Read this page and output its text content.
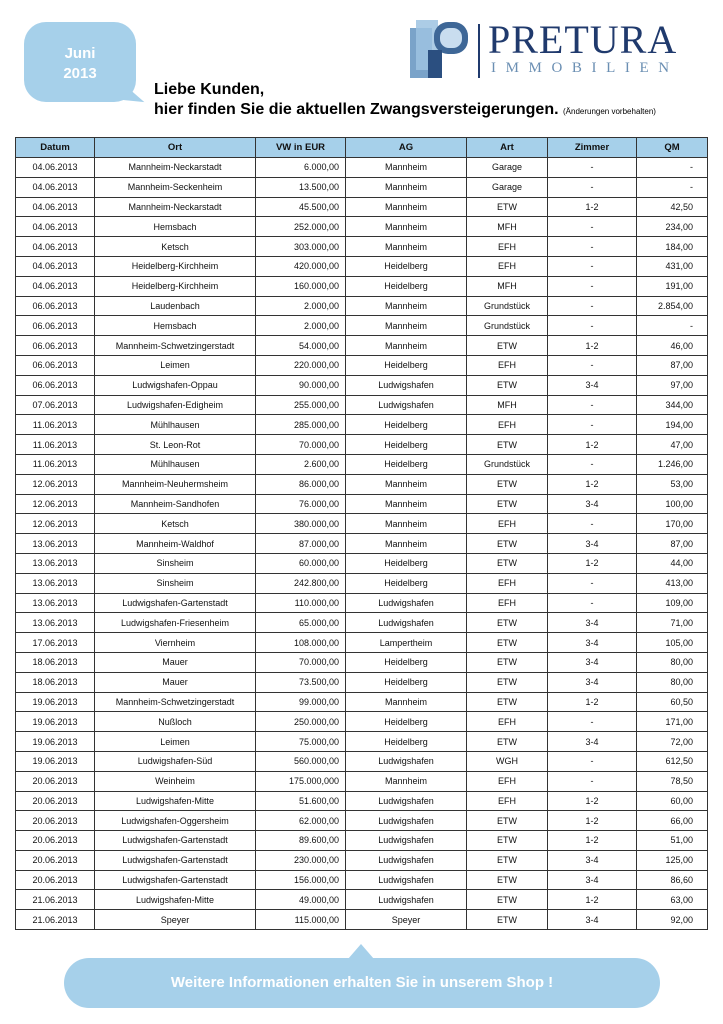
Juni
2013
PRETURA
IMMOBILIEN
Liebe Kunden,
hier finden Sie die aktuellen Zwangsversteigerungen. (Änderungen vorbehalten)
Datum	Ort	VW in EUR	AG	Art	Zimmer	QM
04.06.2013	Mannheim-Neckarstadt	6.000,00	Mannheim	Garage	-	-
04.06.2013	Mannheim-Seckenheim	13.500,00	Mannheim	Garage	-	-
04.06.2013	Mannheim-Neckarstadt	45.500,00	Mannheim	ETW	1-2	42,50
04.06.2013	Hemsbach	252.000,00	Mannheim	MFH	-	234,00
04.06.2013	Ketsch	303.000,00	Mannheim	EFH	-	184,00
04.06.2013	Heidelberg-Kirchheim	420.000,00	Heidelberg	EFH	-	431,00
04.06.2013	Heidelberg-Kirchheim	160.000,00	Heidelberg	MFH	-	191,00
06.06.2013	Laudenbach	2.000,00	Mannheim	Grundstück	-	2.854,00
06.06.2013	Hemsbach	2.000,00	Mannheim	Grundstück	-	-
06.06.2013	Mannheim-Schwetzingerstadt	54.000,00	Mannheim	ETW	1-2	46,00
06.06.2013	Leimen	220.000,00	Heidelberg	EFH	-	87,00
06.06.2013	Ludwigshafen-Oppau	90.000,00	Ludwigshafen	ETW	3-4	97,00
07.06.2013	Ludwigshafen-Edigheim	255.000,00	Ludwigshafen	MFH	-	344,00
11.06.2013	Mühlhausen	285.000,00	Heidelberg	EFH	-	194,00
11.06.2013	St. Leon-Rot	70.000,00	Heidelberg	ETW	1-2	47,00
11.06.2013	Mühlhausen	2.600,00	Heidelberg	Grundstück	-	1.246,00
12.06.2013	Mannheim-Neuhermsheim	86.000,00	Mannheim	ETW	1-2	53,00
12.06.2013	Mannheim-Sandhofen	76.000,00	Mannheim	ETW	3-4	100,00
12.06.2013	Ketsch	380.000,00	Mannheim	EFH	-	170,00
13.06.2013	Mannheim-Waldhof	87.000,00	Mannheim	ETW	3-4	87,00
13.06.2013	Sinsheim	60.000,00	Heidelberg	ETW	1-2	44,00
13.06.2013	Sinsheim	242.800,00	Heidelberg	EFH	-	413,00
13.06.2013	Ludwigshafen-Gartenstadt	110.000,00	Ludwigshafen	EFH	-	109,00
13.06.2013	Ludwigshafen-Friesenheim	65.000,00	Ludwigshafen	ETW	3-4	71,00
17.06.2013	Viernheim	108.000,00	Lampertheim	ETW	3-4	105,00
18.06.2013	Mauer	70.000,00	Heidelberg	ETW	3-4	80,00
18.06.2013	Mauer	73.500,00	Heidelberg	ETW	3-4	80,00
19.06.2013	Mannheim-Schwetzingerstadt	99.000,00	Mannheim	ETW	1-2	60,50
19.06.2013	Nußloch	250.000,00	Heidelberg	EFH	-	171,00
19.06.2013	Leimen	75.000,00	Heidelberg	ETW	3-4	72,00
19.06.2013	Ludwigshafen-Süd	560.000,00	Ludwigshafen	WGH	-	612,50
20.06.2013	Weinheim	175.000,000	Mannheim	EFH	-	78,50
20.06.2013	Ludwigshafen-Mitte	51.600,00	Ludwigshafen	EFH	1-2	60,00
20.06.2013	Ludwigshafen-Oggersheim	62.000,00	Ludwigshafen	ETW	1-2	66,00
20.06.2013	Ludwigshafen-Gartenstadt	89.600,00	Ludwigshafen	ETW	1-2	51,00
20.06.2013	Ludwigshafen-Gartenstadt	230.000,00	Ludwigshafen	ETW	3-4	125,00
20.06.2013	Ludwigshafen-Gartenstadt	156.000,00	Ludwigshafen	ETW	3-4	86,60
21.06.2013	Ludwigshafen-Mitte	49.000,00	Ludwigshafen	ETW	1-2	63,00
21.06.2013	Speyer	115.000,00	Speyer	ETW	3-4	92,00
Weitere Informationen erhalten Sie in unserem Shop !
